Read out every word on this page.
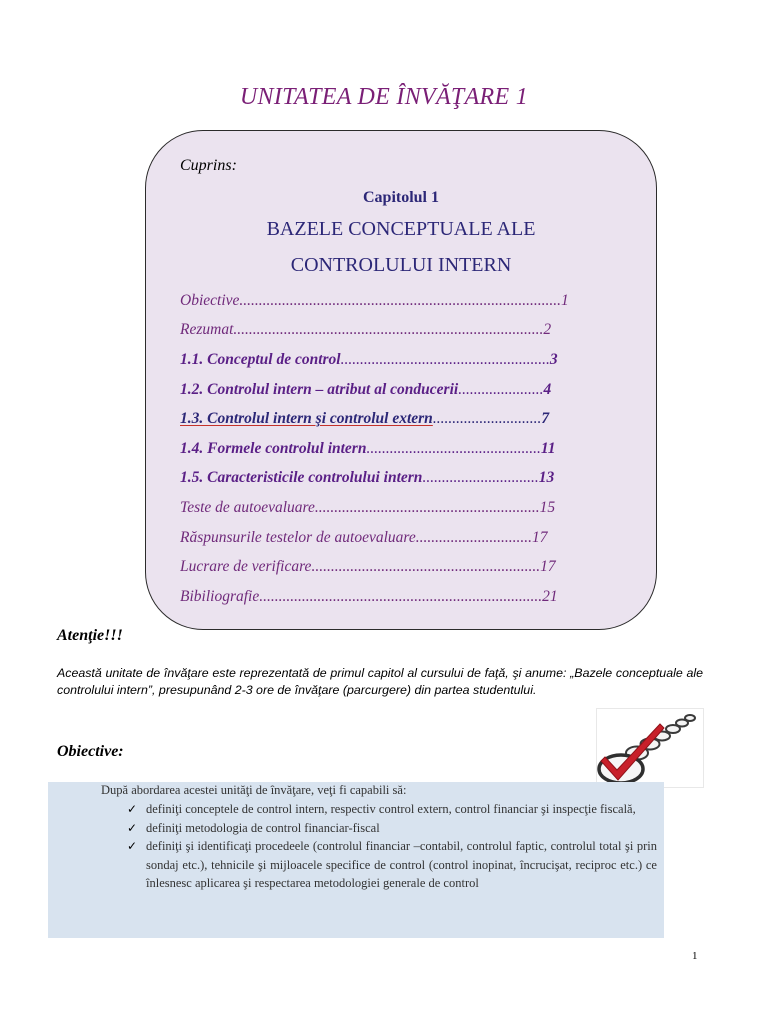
UNITATEA DE ÎNVĂŢARE 1
Cuprins:
Capitolul 1
BAZELE CONCEPTUALE ALE
CONTROLULUI INTERN
Obiective ................................................................................... 1
Rezumat ................................................................................ 2
1.1. Conceptul de control ...................................................... 3
1.2. Controlul intern – atribut al conducerii ...................... 4
1.3. Controlul intern şi controlul extern ............................ 7
1.4. Formele controlul intern ............................................. 11
1.5. Caracteristicile controlului intern .............................. 13
Teste de autoevaluare .......................................................... 15
Răspunsurile testelor de autoevaluare .............................. 17
Lucrare de verificare ........................................................... 17
Bibiliografie ......................................................................... 21
Atenţie!!!

Această unitate de învăţare este reprezentată de primul capitol al cursului de faţă, şi anume: „Bazele conceptuale ale controlului intern”, presupunând 2-3 ore de învăţare (parcurgere) din partea studentului.

Obiective:
După abordarea acestei unităţi de învăţare, veţi fi capabili să:
✓ definiţi conceptele de control intern, respectiv control extern, control financiar şi inspecţie fiscală,
✓ definiţi metodologia de control financiar-fiscal
✓ definiţi şi identificaţi procedeele (controlul financiar –contabil, controlul faptic, controlul total şi prin sondaj etc.), tehnicile şi mijloacele specifice de control (control inopinat, încrucişat, reciproc etc.) ce înlesnesc aplicarea şi respectarea metodologiei generale de control
1
